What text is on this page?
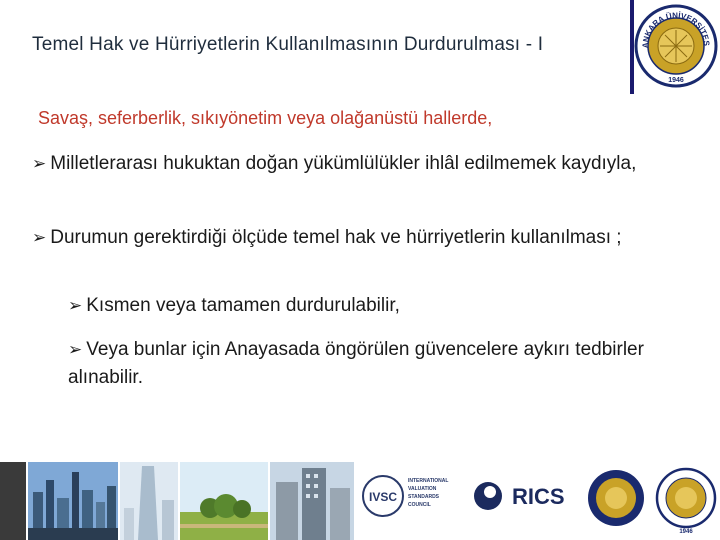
Temel Hak ve Hürriyetlerin Kullanılmasının Durdurulması - I	ANKARA ÜNİVERSİTES
1946
Savaş, seferberlik, sıkıyönetim veya olağanüstü hallerde,
➢ Milletlerarası hukuktan doğan yükümlülükler ihlâl edilmemek kaydıyla,
➢ Durumun gerektirdiği ölçüde temel hak ve hürriyetlerin kullanılması ;
➢ Kısmen veya tamamen durdurulabilir,
➢ Veya bunlar için Anayasada öngörülen güvencelere aykırı tedbirler alınabilir.
IVSC
INTERNATIONAL
VALUATION
STANDARDS
COUNCIL	RICS
1946
